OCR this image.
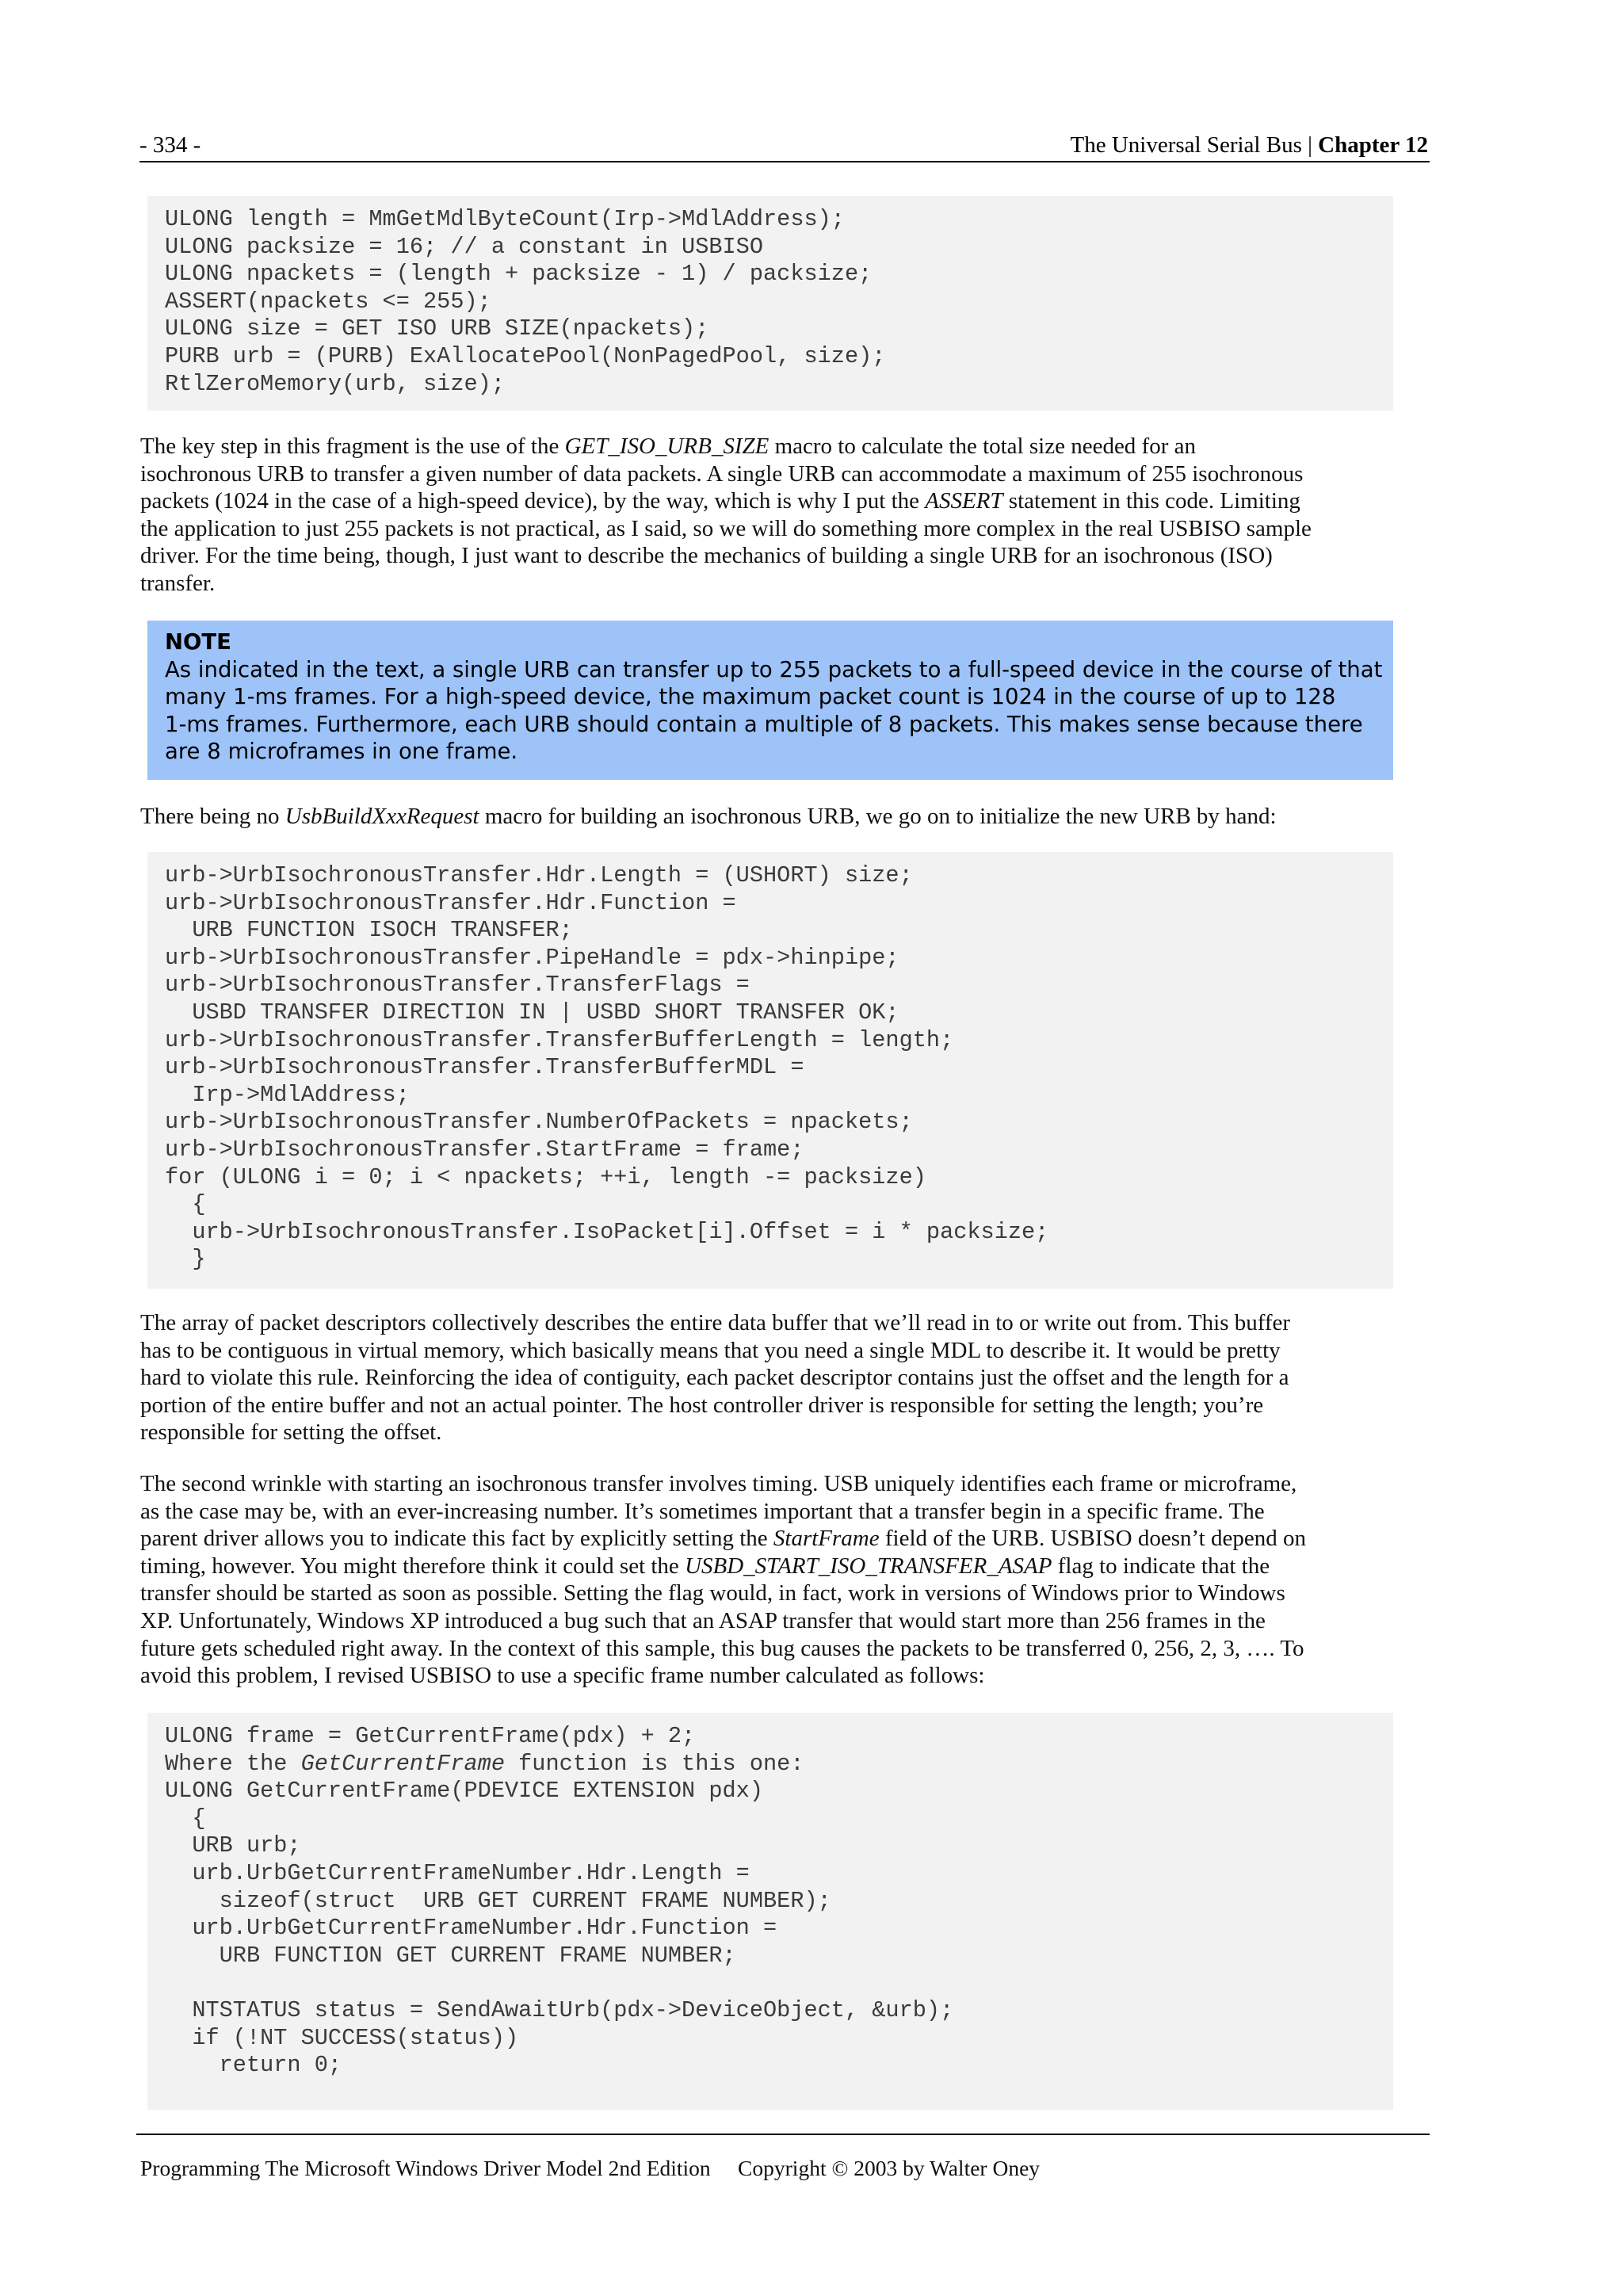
- 334 -	The Universal Serial Bus | Chapter 12
ULONG length = MmGetMdlByteCount(Irp->MdlAddress);
ULONG packsize = 16; // a constant in USBISO
ULONG npackets = (length + packsize - 1) / packsize;
ASSERT(npackets <= 255);
ULONG size = GET ISO URB SIZE(npackets);
PURB urb = (PURB) ExAllocatePool(NonPagedPool, size);
RtlZeroMemory(urb, size);
The key step in this fragment is the use of the GET_ISO_URB_SIZE macro to calculate the total size needed for an
isochronous URB to transfer a given number of data packets. A single URB can accommodate a maximum of 255 isochronous
packets (1024 in the case of a high-speed device), by the way, which is why I put the ASSERT statement in this code. Limiting
the application to just 255 packets is not practical, as I said, so we will do something more complex in the real USBISO sample
driver. For the time being, though, I just want to describe the mechanics of building a single URB for an isochronous (ISO)
transfer.
NOTE
As indicated in the text, a single URB can transfer up to 255 packets to a full-speed device in the course of that
many 1-ms frames. For a high-speed device, the maximum packet count is 1024 in the course of up to 128
1-ms frames. Furthermore, each URB should contain a multiple of 8 packets. This makes sense because there
are 8 microframes in one frame.
There being no UsbBuildXxxRequest macro for building an isochronous URB, we go on to initialize the new URB by hand:
urb->UrbIsochronousTransfer.Hdr.Length = (USHORT) size;
urb->UrbIsochronousTransfer.Hdr.Function =
URB FUNCTION ISOCH TRANSFER;
urb->UrbIsochronousTransfer.PipeHandle = pdx->hinpipe;
urb->UrbIsochronousTransfer.TransferFlags =
USBD TRANSFER DIRECTION IN | USBD SHORT TRANSFER OK;
urb->UrbIsochronousTransfer.TransferBufferLength = length;
urb->UrbIsochronousTransfer.TransferBufferMDL =
Irp->MdlAddress;
urb->UrbIsochronousTransfer.NumberOfPackets = npackets;
urb->UrbIsochronousTransfer.StartFrame = frame;
for (ULONG i = 0; i < npackets; ++i, length -= packsize)
{
urb->UrbIsochronousTransfer.IsoPacket[i].Offset = i * packsize;
}
The array of packet descriptors collectively describes the entire data buffer that we’ll read in to or write out from. This buffer
has to be contiguous in virtual memory, which basically means that you need a single MDL to describe it. It would be pretty
hard to violate this rule. Reinforcing the idea of contiguity, each packet descriptor contains just the offset and the length for a
portion of the entire buffer and not an actual pointer. The host controller driver is responsible for setting the length; you’re
responsible for setting the offset.
The second wrinkle with starting an isochronous transfer involves timing. USB uniquely identifies each frame or microframe,
as the case may be, with an ever-increasing number. It’s sometimes important that a transfer begin in a specific frame. The
parent driver allows you to indicate this fact by explicitly setting the StartFrame field of the URB. USBISO doesn’t depend on
timing, however. You might therefore think it could set the USBD_START_ISO_TRANSFER_ASAP flag to indicate that the
transfer should be started as soon as possible. Setting the flag would, in fact, work in versions of Windows prior to Windows
XP. Unfortunately, Windows XP introduced a bug such that an ASAP transfer that would start more than 256 frames in the
future gets scheduled right away. In the context of this sample, this bug causes the packets to be transferred 0, 256, 2, 3, …. To
avoid this problem, I revised USBISO to use a specific frame number calculated as follows:
ULONG frame = GetCurrentFrame(pdx) + 2;
Where the GetCurrentFrame function is this one:
ULONG GetCurrentFrame(PDEVICE EXTENSION pdx)
{
URB urb;
urb.UrbGetCurrentFrameNumber.Hdr.Length =
sizeof(struct  URB GET CURRENT FRAME NUMBER);
urb.UrbGetCurrentFrameNumber.Hdr.Function =
URB FUNCTION GET CURRENT FRAME NUMBER;
NTSTATUS status = SendAwaitUrb(pdx->DeviceObject, &urb);
if (!NT SUCCESS(status))
return 0;
Programming The Microsoft Windows Driver Model 2nd Edition     Copyright © 2003 by Walter Oney
